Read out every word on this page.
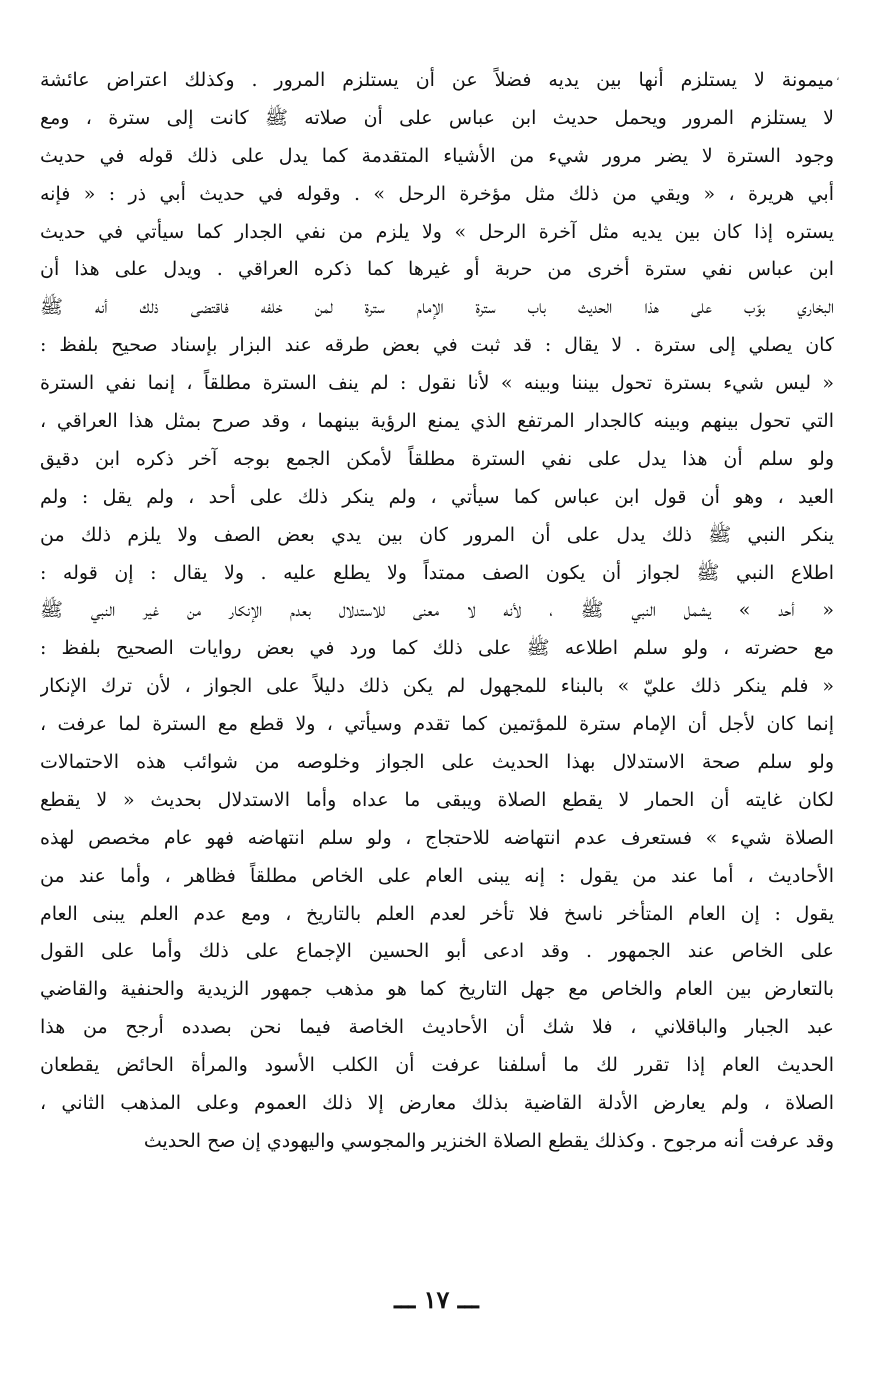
،
ميمونة لا يستلزم أنها بين يديه فضلاً عن أن يستلزم المرور . وكذلك اعتراض عائشة
لا يستلزم المرور ويحمل حديث ابن عباس على أن صلاته ﷺ كانت إلى سترة ، ومع
وجود السترة لا يضر مرور شيء من الأشياء المتقدمة كما يدل على ذلك قوله في حديث
أبي هريرة ، « ويقي من ذلك مثل مؤخرة الرحل » . وقوله في حديث أبي ذر : « فإنه
يستره إذا كان بين يديه مثل آخرة الرحل » ولا يلزم من نفي الجدار كما سيأتي في حديث
ابن عباس نفي سترة أخرى من حربة أو غيرها كما ذكره العراقي . ويدل على هذا أن
البخاري بوّب على هذا الحديث باب سترة الإمام سترة لمن خلفه فاقتضى ذلك أنه ﷺ
كان يصلي إلى سترة . لا يقال : قد ثبت في بعض طرقه عند البزار بإسناد صحيح بلفظ :
« ليس شيء بسترة تحول بيننا وبينه » لأنا نقول : لم ينف السترة مطلقاً ، إنما نفي السترة
التي تحول بينهم وبينه كالجدار المرتفع الذي يمنع الرؤية بينهما ، وقد صرح بمثل هذا العراقي ،
ولو سلم أن هذا يدل على نفي السترة مطلقاً لأمكن الجمع بوجه آخر ذكره ابن دقيق
العيد ، وهو أن قول ابن عباس كما سيأتي ، ولم ينكر ذلك على أحد ، ولم يقل : ولم
ينكر النبي ﷺ ذلك يدل على أن المرور كان بين يدي بعض الصف ولا يلزم ذلك من
اطلاع النبي ﷺ لجواز أن يكون الصف ممتداً ولا يطلع عليه . ولا يقال : إن قوله :
« أحد » يشمل النبي ﷺ ، لأنه لا معنى للاستدلال بعدم الإنكار من غير النبي ﷺ
مع حضرته ، ولو سلم اطلاعه ﷺ على ذلك كما ورد في بعض روايات الصحيح بلفظ :
« فلم ينكر ذلك عليّ » بالبناء للمجهول لم يكن ذلك دليلاً على الجواز ، لأن ترك الإنكار
إنما كان لأجل أن الإمام سترة للمؤتمين كما تقدم وسيأتي ، ولا قطع مع السترة لما عرفت ،
ولو سلم صحة الاستدلال بهذا الحديث على الجواز وخلوصه من شوائب هذه الاحتمالات
لكان غايته أن الحمار لا يقطع الصلاة ويبقى ما عداه وأما الاستدلال بحديث « لا يقطع
الصلاة شيء » فستعرف عدم انتهاضه للاحتجاج ، ولو سلم انتهاضه فهو عام مخصص لهذه
الأحاديث ، أما عند من يقول : إنه يبنى العام على الخاص مطلقاً فظاهر ، وأما عند من
يقول : إن العام المتأخر ناسخ فلا تأخر لعدم العلم بالتاريخ ، ومع عدم العلم يبنى العام
على الخاص عند الجمهور . وقد ادعى أبو الحسين الإجماع على ذلك وأما على القول
بالتعارض بين العام والخاص مع جهل التاريخ كما هو مذهب جمهور الزيدية والحنفية والقاضي
عبد الجبار والباقلاني ، فلا شك أن الأحاديث الخاصة فيما نحن بصدده أرجح من هذا
الحديث العام إذا تقرر لك ما أسلفنا عرفت أن الكلب الأسود والمرأة الحائض يقطعان
الصلاة ، ولم يعارض الأدلة القاضية بذلك معارض إلا ذلك العموم وعلى المذهب الثاني ،
وقد عرفت أنه مرجوح . وكذلك يقطع الصلاة الخنزير والمجوسي واليهودي إن صح الحديث
ـــ ١٧ ـــ
